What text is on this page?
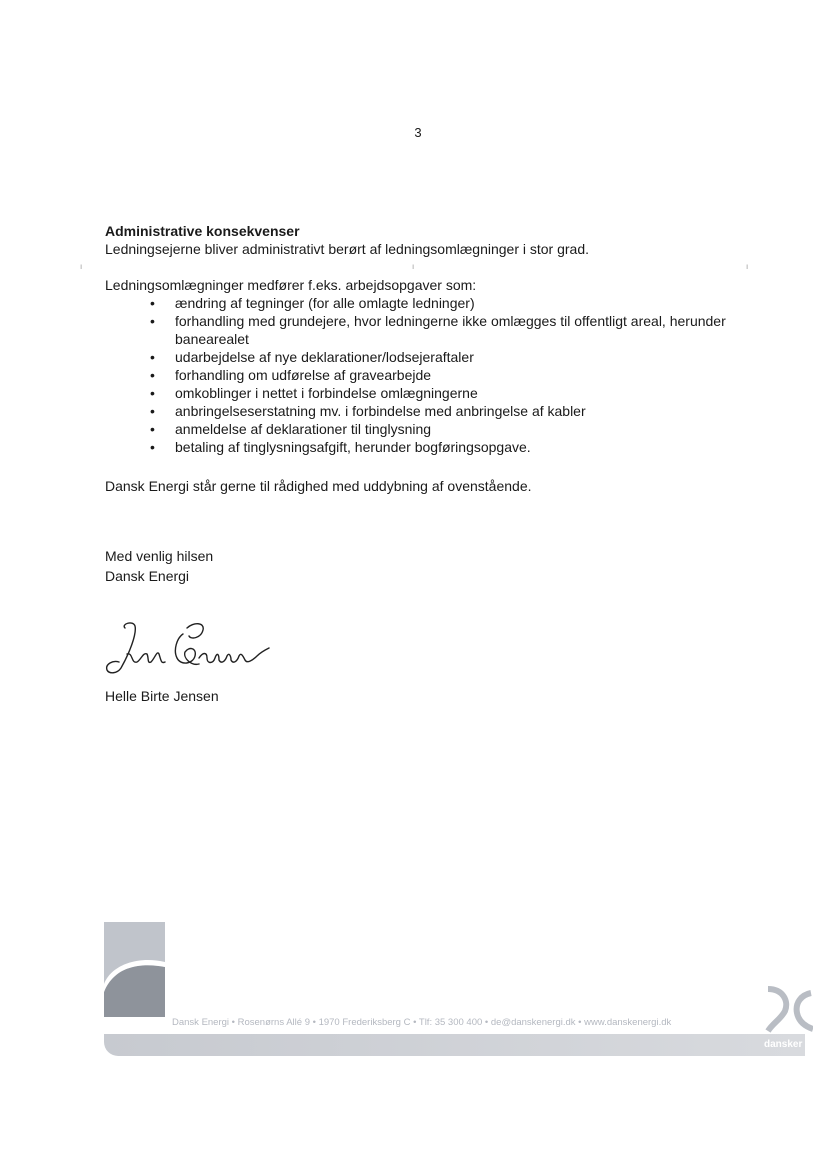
3
ı	ı	ı
Administrative konsekvenser
Ledningsejerne bliver administrativt berørt af ledningsomlægninger i stor grad.
Ledningsomlægninger medfører f.eks. arbejdsopgaver som:
• ændring af tegninger (for alle omlagte ledninger)
• forhandling med grundejere, hvor ledningerne ikke omlægges til offentligt areal, herunder banearealet
• udarbejdelse af nye deklarationer/lodsejeraftaler
• forhandling om udførelse af gravearbejde
• omkoblinger i nettet i forbindelse omlægningerne
• anbringelseserstatning mv. i forbindelse med anbringelse af kabler
• anmeldelse af deklarationer til tinglysning
• betaling af tinglysningsafgift, herunder bogføringsopgave.
Dansk Energi står gerne til rådighed med uddybning af ovenstående.
Med venlig hilsen
Dansk Energi
Helle Birte Jensen
Dansk Energi • Rosenørns Allé 9 • 1970 Frederiksberg C • Tlf: 35 300 400 • de@danskenergi.dk • www.danskenergi.dk
dansker
